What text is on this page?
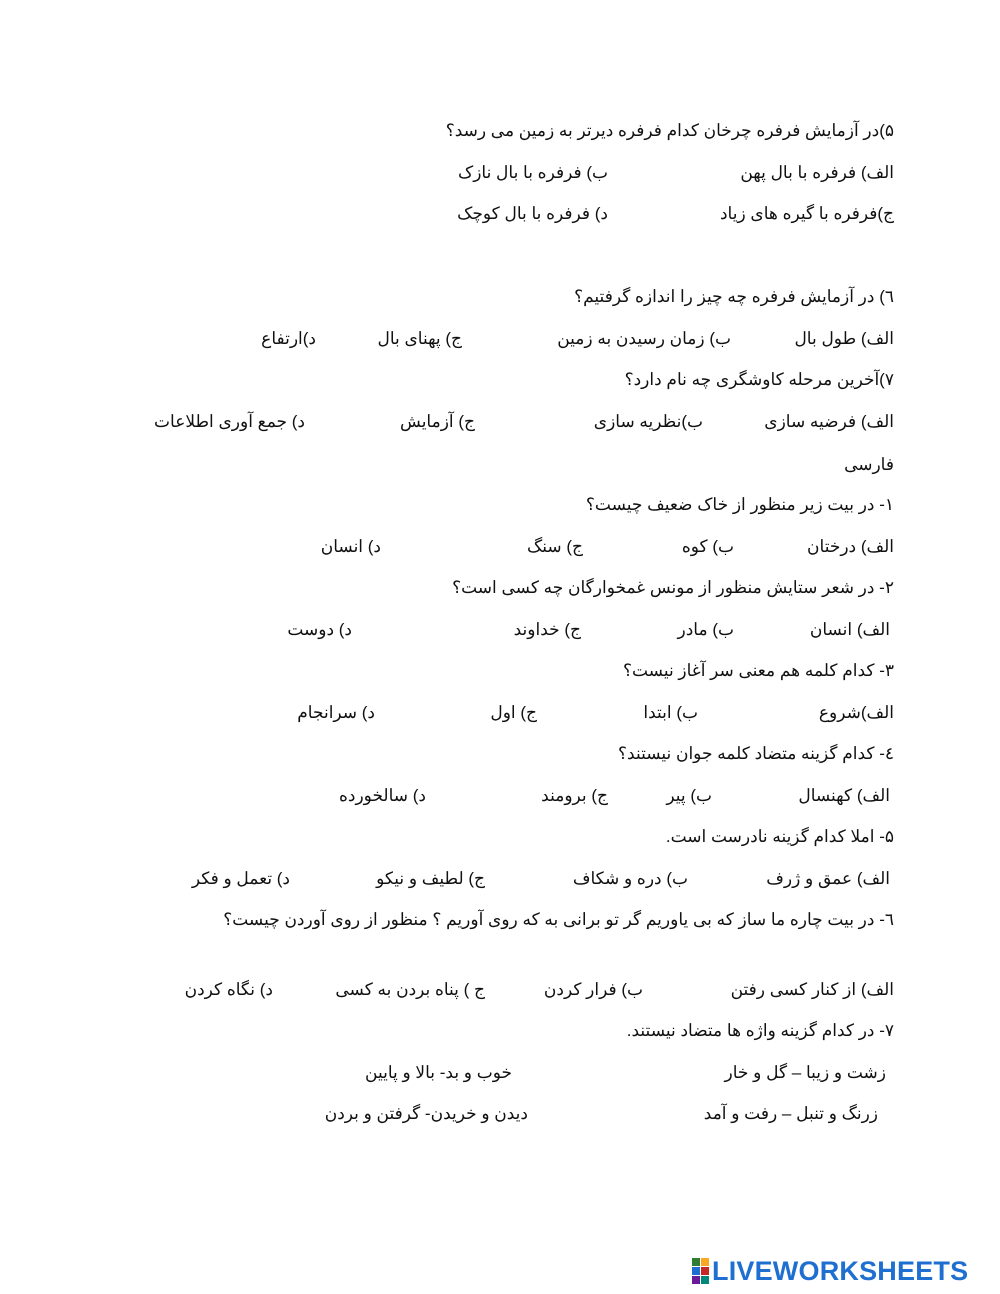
۵)در آزمایش فرفره چرخان کدام فرفره دیرتر به زمین می رسد؟
الف) فرفره با بال پهن
ب) فرفره با بال نازک
ج)فرفره با گیره های زیاد
د) فرفره با بال کوچک
٦) در آزمایش فرفره چه چیز را اندازه گرفتیم؟
الف) طول بال
ب) زمان رسیدن به زمین
ج) پهنای بال
د)ارتفاع
۷)آخرین مرحله کاوشگری چه نام دارد؟
الف) فرضیه سازی
ب)نظریه سازی
ج) آزمایش
د) جمع آوری اطلاعات
فارسی
۱- در بیت زیر منظور از خاک ضعیف چیست؟
الف) درختان
ب) کوه
ج) سنگ
د) انسان
۲- در شعر ستایش منظور از مونس غمخوارگان چه کسی است؟
الف) انسان
ب) مادر
ج) خداوند
د) دوست
۳- کدام کلمه هم معنی سر آغاز نیست؟
الف)شروع
ب) ابتدا
ج) اول
د) سرانجام
٤- کدام گزینه متضاد کلمه جوان نیستند؟
الف) کهنسال
ب) پیر
ج) برومند
د) سالخورده
۵- املا کدام گزینه نادرست است.
الف) عمق و ژرف
ب) دره و شکاف
ج) لطیف و نیکو
د) تعمل و فکر
٦- در بیت چاره ما ساز که بی یاوریم گر تو برانی به که روی آوریم ؟ منظور از روی آوردن چیست؟
الف) از کنار کسی رفتن
ب) فرار کردن
ج ) پناه بردن به کسی
د) نگاه کردن
۷- در کدام گزینه واژه ها متضاد نیستند.
زشت و زیبا – گل و خار
خوب و بد- بالا و پایین
زرنگ و تنبل – رفت و آمد
دیدن و خریدن- گرفتن و بردن
LIVEWORKSHEETS
